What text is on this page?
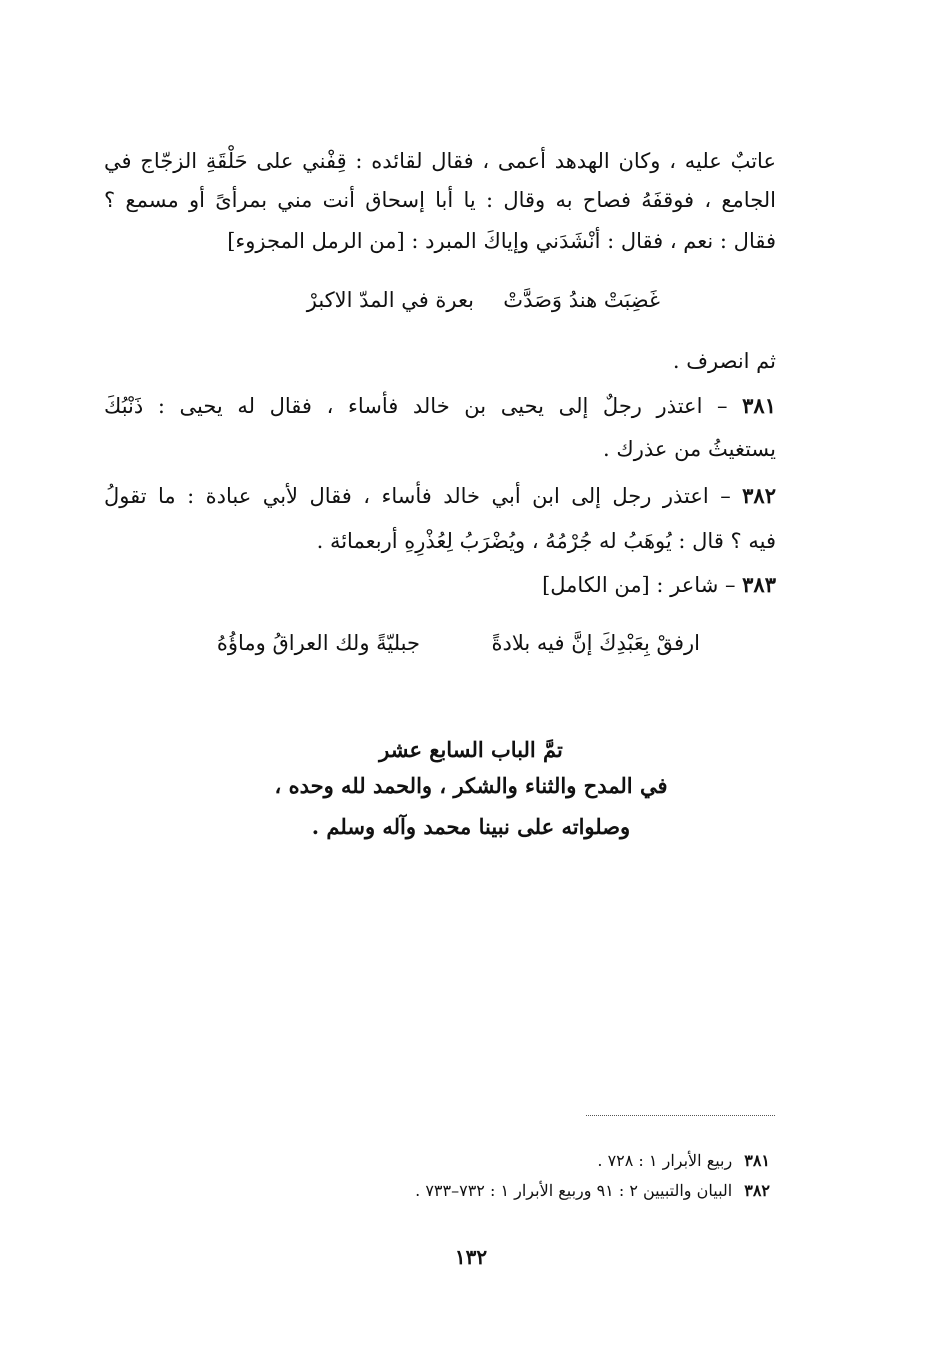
عاتبٌ عليه ، وكان الهدهد أعمى ، فقال لقائده : قِفْني على حَلْقَةِ الزجّاج في
الجامع ، فوقفَهُ فصاح به وقال : يا أبا إسحاق أنت مني بمرأىً أو مسمع ؟
فقال : نعم ، فقال : أنْشَدَني وإياكَ المبرد : [من الرمل المجزوء]
غَضِبَتْ هندُ وَصَدَّتْ
بعرة في المدّ الاكبرْ
ثم انصرف .
٣٨١ – اعتذر رجلٌ إلى يحيى بن خالد فأساء ، فقال له يحيى : ذَنْبُكَ
يستغيثُ من عذرك .
٣٨٢ – اعتذر رجل إلى ابن أبي خالد فأساء ، فقال لأبي عبادة : ما تقولُ
فيه ؟ قال : يُوهَبُ له جُرْمُهُ ، ويُضْرَبُ لِعُذْرِهِ أربعمائة .
٣٨٣ – شاعر : [من الكامل]
ارفقْ بِعَبْدِكَ إنَّ فيه بلادةً
جبليّةً ولك العراقُ وماؤُهُ
تمَّ الباب السابع عشر
في المدح والثناء والشكر ، والحمد لله وحده ،
وصلواته على نبينا محمد وآله وسلم .
٣٨١ربيع الأبرار ١ : ٧٢٨ .
٣٨٢البيان والتبيين ٢ : ٩١ وربيع الأبرار ١ : ٧٣٢–٧٣٣ .
١٣٢
